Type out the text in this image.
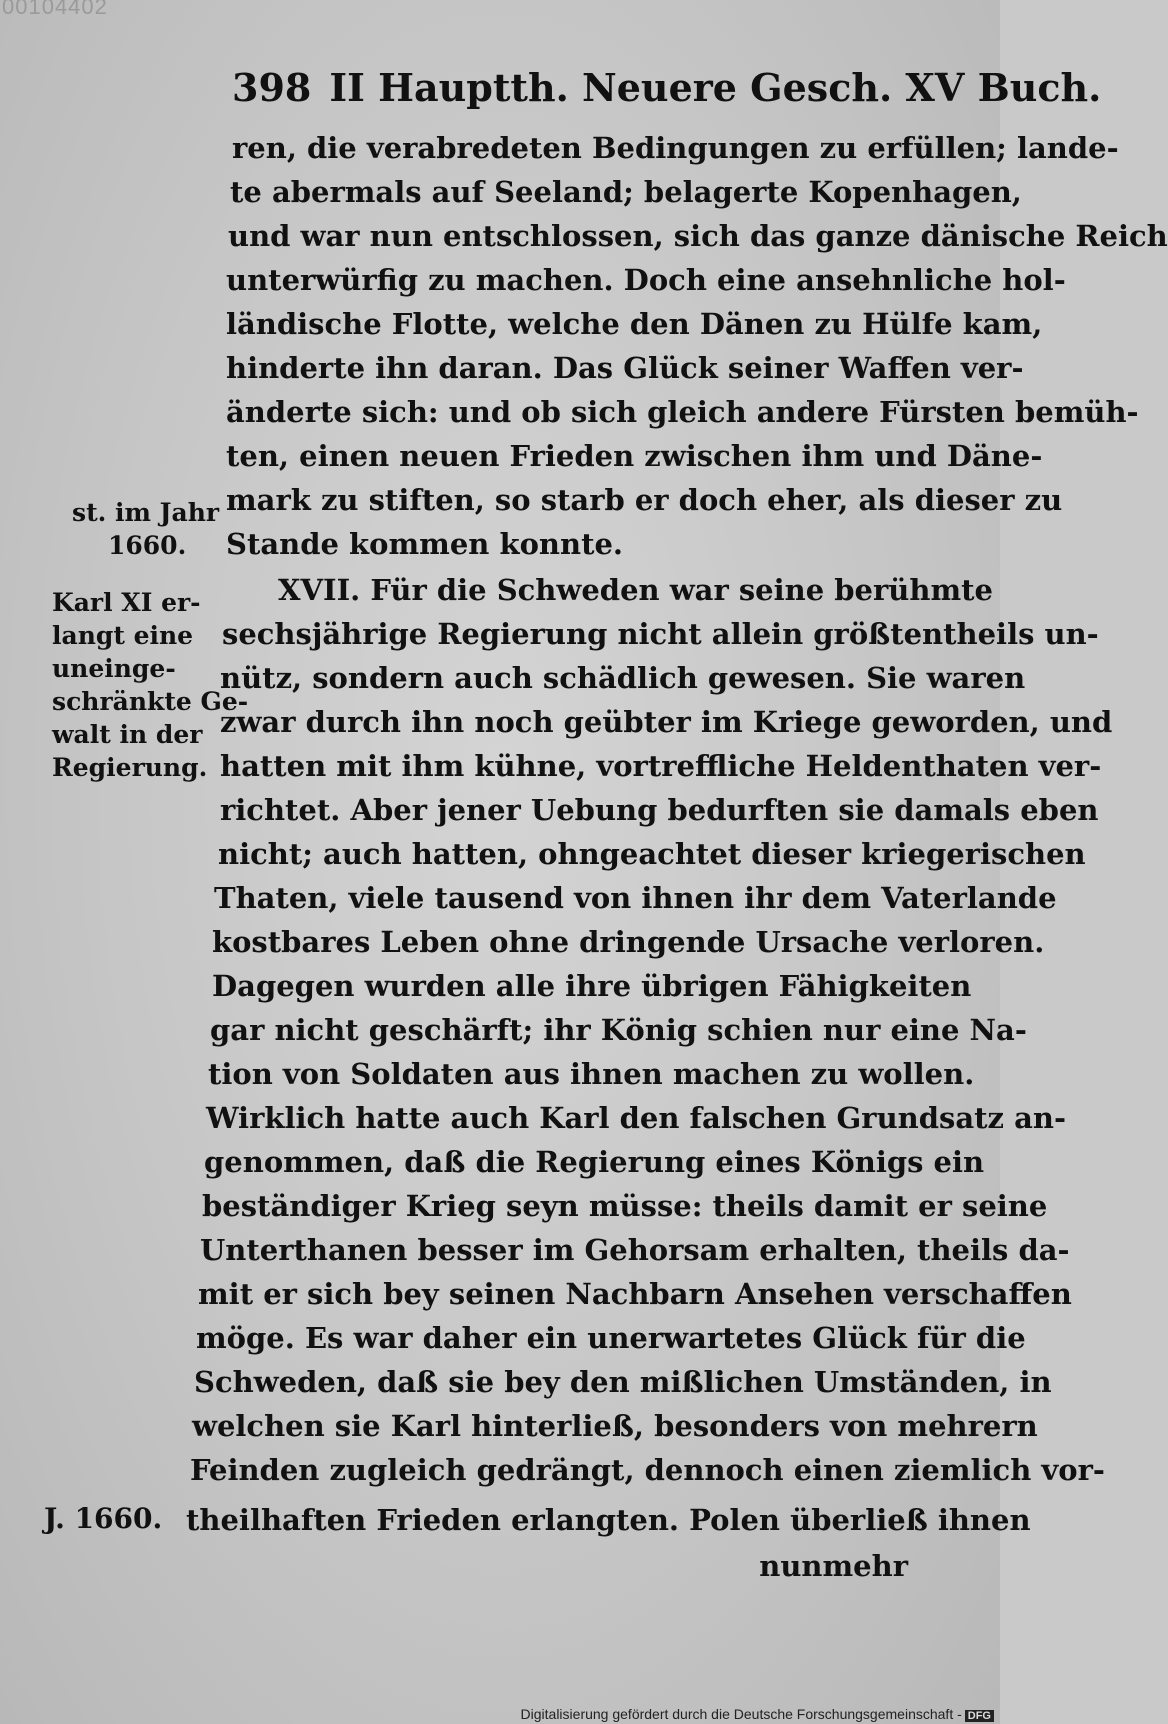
00104402
398 II Hauptth. Neuere Gesch. XV Buch.
ren, die verabredeten Bedingungen zu erfüllen; lande-
te abermals auf Seeland; belagerte Kopenhagen,
und war nun entschlossen, sich das ganze dänische Reich
unterwürfig zu machen. Doch eine ansehnliche hol-
ländische Flotte, welche den Dänen zu Hülfe kam,
hinderte ihn daran. Das Glück seiner Waffen ver-
änderte sich: und ob sich gleich andere Fürsten bemüh-
ten, einen neuen Frieden zwischen ihm und Däne-
mark zu stiften, so starb er doch eher, als dieser zu
Stande kommen konnte.
XVII. Für die Schweden war seine berühmte
sechsjährige Regierung nicht allein größtentheils un-
nütz, sondern auch schädlich gewesen. Sie waren
zwar durch ihn noch geübter im Kriege geworden, und
hatten mit ihm kühne, vortreffliche Heldenthaten ver-
richtet. Aber jener Uebung bedurften sie damals eben
nicht; auch hatten, ohngeachtet dieser kriegerischen
Thaten, viele tausend von ihnen ihr dem Vaterlande
kostbares Leben ohne dringende Ursache verloren.
Dagegen wurden alle ihre übrigen Fähigkeiten
gar nicht geschärft; ihr König schien nur eine Na-
tion von Soldaten aus ihnen machen zu wollen.
Wirklich hatte auch Karl den falschen Grundsatz an-
genommen, daß die Regierung eines Königs ein
beständiger Krieg seyn müsse: theils damit er seine
Unterthanen besser im Gehorsam erhalten, theils da-
mit er sich bey seinen Nachbarn Ansehen verschaffen
möge. Es war daher ein unerwartetes Glück für die
Schweden, daß sie bey den mißlichen Umständen, in
welchen sie Karl hinterließ, besonders von mehrern
Feinden zugleich gedrängt, dennoch einen ziemlich vor-
theilhaften Frieden erlangten. Polen überließ ihnen
nunmehr
st. im Jahr
1660.
Karl XI er-
langt eine
uneinge-
schränkte Ge-
walt in der
Regierung.
J. 1660.
Digitalisierung gefördert durch die Deutsche Forschungsgemeinschaft - DFG
